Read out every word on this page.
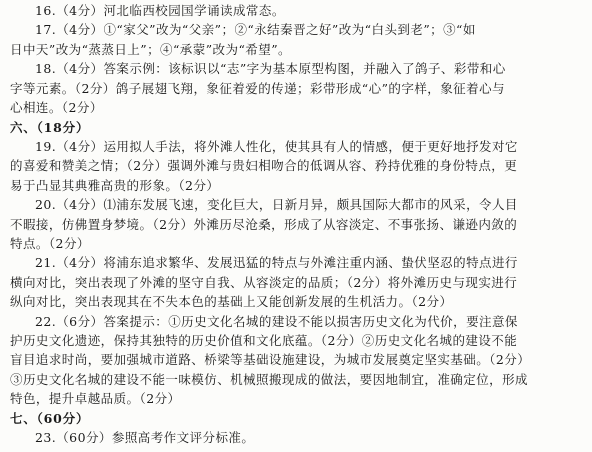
16.（4分）河北临西校园国学诵读成常态。
17.（4分）①“家父”改为“父亲”；②“永结秦晋之好”改为“白头到老”；③“如
日中天”改为“蒸蒸日上”；④“承蒙”改为“希望”。
18.（4分）答案示例：该标识以“志”字为基本原型构图，并融入了鸽子、彩带和心
字等元素。（2分）鸽子展翅飞翔，象征着爱的传递；彩带形成“心”的字样，象征着心与
心相连。（2分）
六、（18分）
19.（4分）运用拟人手法，将外滩人性化，使其具有人的情感，便于更好地抒发对它
的喜爱和赞美之情；（2分）强调外滩与贵妇相吻合的低调从容、矜持优雅的身份特点，更
易于凸显其典雅高贵的形象。（2分）
20.（4分）⑴浦东发展飞速，变化巨大，日新月异，颇具国际大都市的风采，令人目
不暇接，仿佛置身梦境。（2分）外滩历尽沧桑，形成了从容淡定、不事张扬、谦逊内敛的
特点。（2分）
21.（4分）将浦东追求繁华、发展迅猛的特点与外滩注重内涵、蛰伏坚忍的特点进行
横向对比，突出表现了外滩的坚守自我、从容淡定的品质；（2分）将外滩历史与现实进行
纵向对比，突出表现其在不失本色的基础上又能创新发展的生机活力。（2分）
22.（6分）答案提示：①历史文化名城的建设不能以损害历史文化为代价，要注意保
护历史文化遗迹，保持其独特的历史价值和文化底蕴。（2分）②历史文化名城的建设不能
盲目追求时尚，要加强城市道路、桥梁等基础设施建设，为城市发展奠定坚实基础。（2分）
③历史文化名城的建设不能一味模仿、机械照搬现成的做法，要因地制宜，准确定位，形成
特色，提升卓越品质。（2分）
七、（60分）
23.（60分）参照高考作文评分标准。
